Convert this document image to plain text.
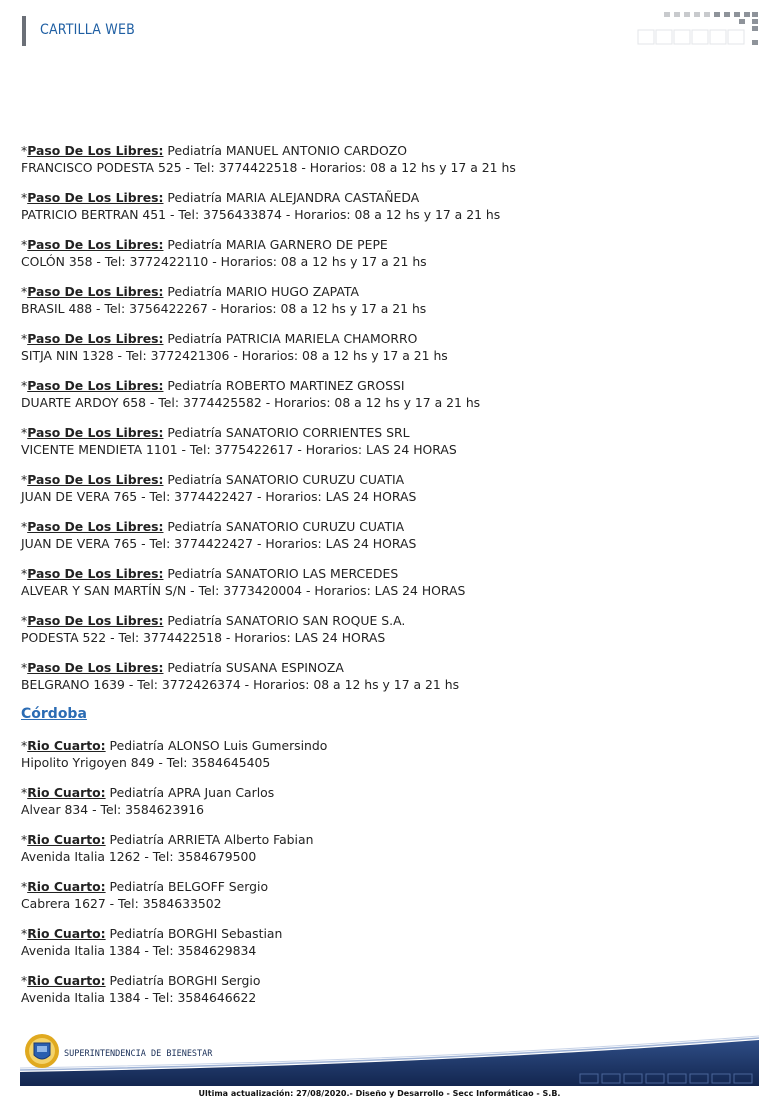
CARTILLA WEB
*Paso De Los Libres: Pediatría MANUEL ANTONIO CARDOZO
FRANCISCO PODESTA 525 - Tel: 3774422518 - Horarios: 08 a 12 hs y 17 a 21 hs
*Paso De Los Libres: Pediatría MARIA ALEJANDRA CASTAÑEDA
PATRICIO BERTRAN 451 - Tel: 3756433874 - Horarios: 08 a 12 hs y 17 a 21 hs
*Paso De Los Libres: Pediatría MARIA GARNERO DE PEPE
COLÓN 358 - Tel: 3772422110 - Horarios: 08 a 12 hs y 17 a 21 hs
*Paso De Los Libres: Pediatría MARIO HUGO ZAPATA
BRASIL 488 - Tel: 3756422267 - Horarios: 08 a 12 hs y 17 a 21 hs
*Paso De Los Libres: Pediatría PATRICIA MARIELA CHAMORRO
SITJA NIN 1328 - Tel: 3772421306 - Horarios: 08 a 12 hs y 17 a 21 hs
*Paso De Los Libres: Pediatría ROBERTO MARTINEZ GROSSI
DUARTE ARDOY 658 - Tel: 3774425582 - Horarios: 08 a 12 hs y 17 a 21 hs
*Paso De Los Libres: Pediatría SANATORIO CORRIENTES SRL
VICENTE MENDIETA 1101 - Tel: 3775422617 - Horarios: LAS 24 HORAS
*Paso De Los Libres: Pediatría SANATORIO CURUZU CUATIA
JUAN DE VERA 765 - Tel: 3774422427 - Horarios: LAS 24 HORAS
*Paso De Los Libres: Pediatría SANATORIO CURUZU CUATIA
JUAN DE VERA 765 - Tel: 3774422427 - Horarios: LAS 24 HORAS
*Paso De Los Libres: Pediatría SANATORIO LAS MERCEDES
ALVEAR Y SAN MARTÍN S/N - Tel: 3773420004 - Horarios: LAS 24 HORAS
*Paso De Los Libres: Pediatría SANATORIO SAN ROQUE S.A.
PODESTA 522 - Tel: 3774422518 - Horarios: LAS 24 HORAS
*Paso De Los Libres: Pediatría SUSANA ESPINOZA
BELGRANO 1639 - Tel: 3772426374 - Horarios: 08 a 12 hs y 17 a 21 hs
Córdoba
*Rio Cuarto: Pediatría ALONSO Luis Gumersindo
Hipolito Yrigoyen 849 - Tel: 3584645405
*Rio Cuarto: Pediatría APRA Juan Carlos
Alvear 834 - Tel: 3584623916
*Rio Cuarto: Pediatría ARRIETA Alberto Fabian
Avenida Italia 1262 - Tel: 3584679500
*Rio Cuarto: Pediatría BELGOFF Sergio
Cabrera 1627 - Tel: 3584633502
*Rio Cuarto: Pediatría BORGHI Sebastian
Avenida Italia 1384 - Tel: 3584629834
*Rio Cuarto: Pediatría BORGHI Sergio
Avenida Italia 1384 - Tel: 3584646622
SUPERINTENDENCIA DE BIENESTAR
Ultima actualización: 27/08/2020.- Diseño y Desarrollo - Secc Informáticao - S.B.
